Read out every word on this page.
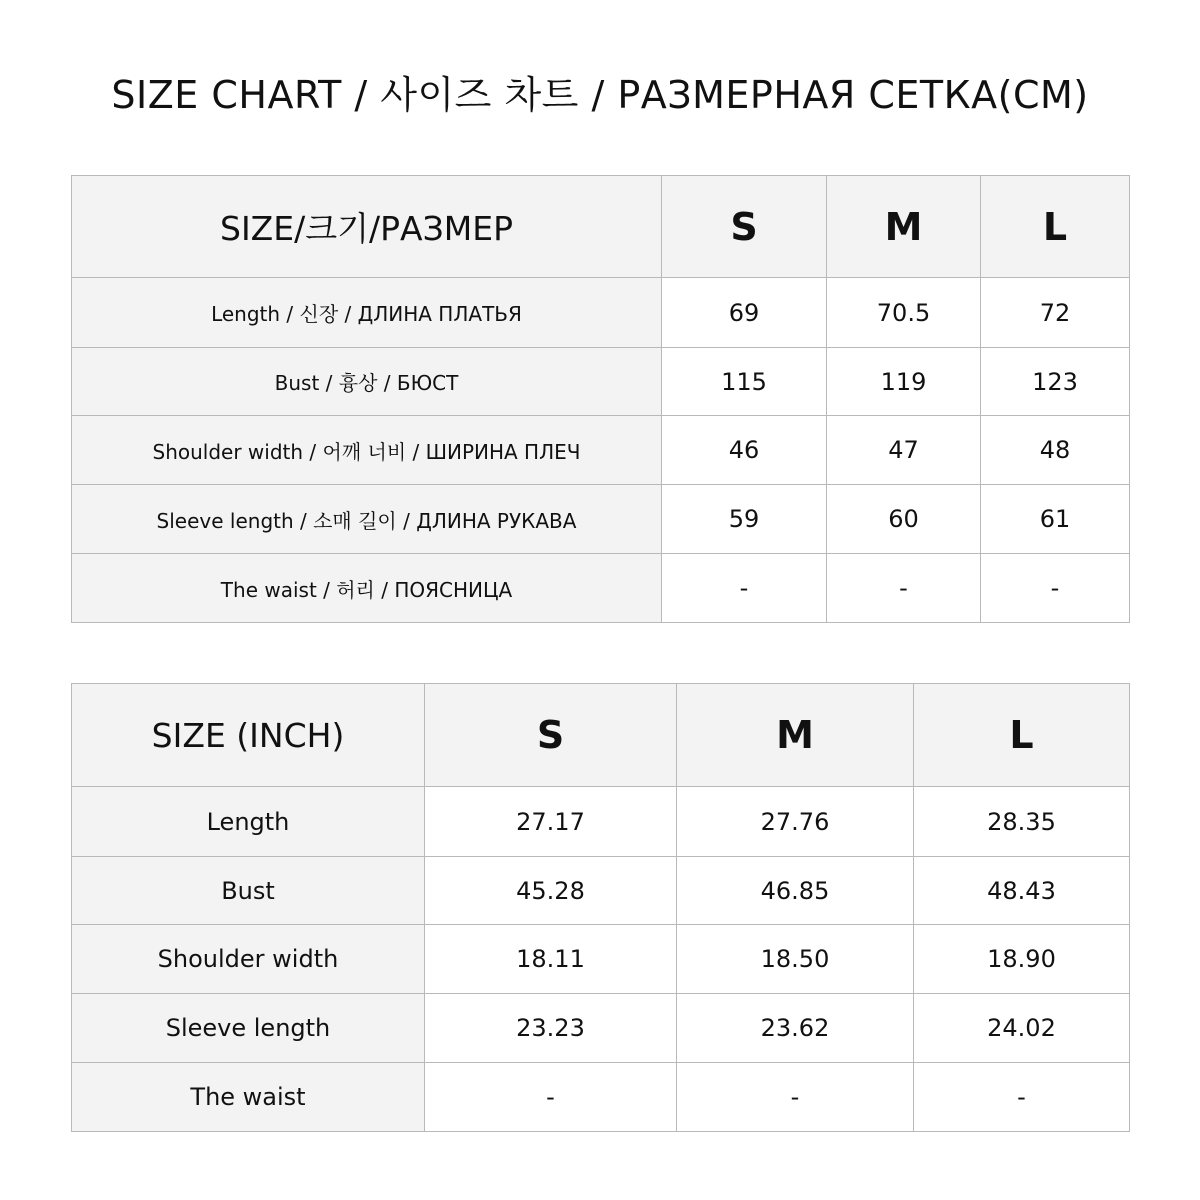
SIZE CHART / 사이즈 차트 / РАЗМЕРНАЯ СЕТКА(CM)
SIZE/크기/РАЗМЕР	S	M	L
Length / 신장 / ДЛИНА ПЛАТЬЯ	69	70.5	72
Bust / 흉상 / БЮСТ	115	119	123
Shoulder width / 어깨 너비 / ШИРИНА ПЛЕЧ	46	47	48
Sleeve length / 소매 길이 / ДЛИНА РУКАВА	59	60	61
The waist / 허리 / ПОЯСНИЦА	-	-	-
SIZE (INCH)	S	M	L
Length	27.17	27.76	28.35
Bust	45.28	46.85	48.43
Shoulder width	18.11	18.50	18.90
Sleeve length	23.23	23.62	24.02
The waist	-	-	-
